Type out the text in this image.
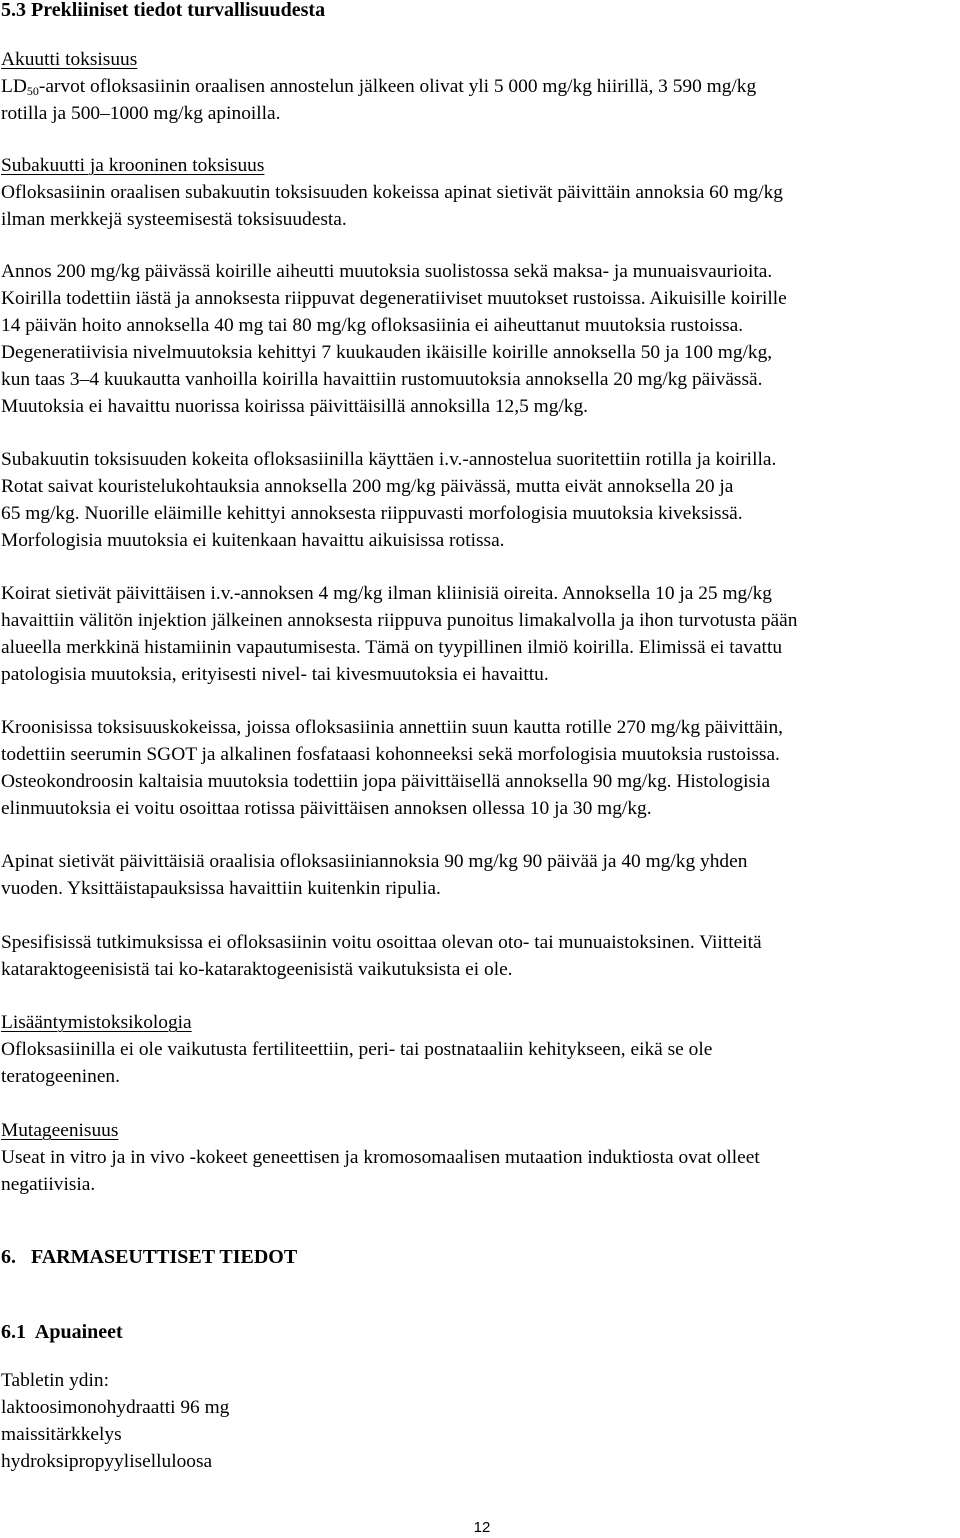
5.3 Prekliiniset tiedot turvallisuudesta
Akuutti toksisuus
$LD_{50}$-arvot ofloksasiinin oraalisen annostelun jälkeen olivat yli 5 000 mg/kg hiirillä, 3 590 mg/kg
rotilla ja 500–1000 mg/kg apinoilla.
Subakuutti ja krooninen toksisuus
Ofloksasiinin oraalisen subakuutin toksisuuden kokeissa apinat sietivät päivittäin annoksia 60 mg/kg
ilman merkkejä systeemisestä toksisuudesta.
Annos 200 mg/kg päivässä koirille aiheutti muutoksia suolistossa sekä maksa- ja munuaisvaurioita.
Koirilla todettiin iästä ja annoksesta riippuvat degeneratiiviset muutokset rustoissa. Aikuisille koirille
14 päivän hoito annoksella 40 mg tai 80 mg/kg ofloksasiinia ei aiheuttanut muutoksia rustoissa.
Degeneratiivisia nivelmuutoksia kehittyi 7 kuukauden ikäisille koirille annoksella 50 ja 100 mg/kg,
kun taas 3–4 kuukautta vanhoilla koirilla havaittiin rustomuutoksia annoksella 20 mg/kg päivässä.
Muutoksia ei havaittu nuorissa koirissa päivittäisillä annoksilla 12,5 mg/kg.
Subakuutin toksisuuden kokeita ofloksasiinilla käyttäen i.v.-annostelua suoritettiin rotilla ja koirilla.
Rotat saivat kouristelukohtauksia annoksella 200 mg/kg päivässä, mutta eivät annoksella 20 ja
65 mg/kg. Nuorille eläimille kehittyi annoksesta riippuvasti morfologisia muutoksia kiveksissä.
Morfologisia muutoksia ei kuitenkaan havaittu aikuisissa rotissa.
Koirat sietivät päivittäisen i.v.-annoksen 4 mg/kg ilman kliinisiä oireita. Annoksella 10 ja 25 mg/kg
havaittiin välitön injektion jälkeinen annoksesta riippuva punoitus limakalvolla ja ihon turvotusta pään
alueella merkkinä histamiinin vapautumisesta. Tämä on tyypillinen ilmiö koirilla. Elimissä ei tavattu
patologisia muutoksia, erityisesti nivel- tai kivesmuutoksia ei havaittu.
Kroonisissa toksisuuskokeissa, joissa ofloksasiinia annettiin suun kautta rotille 270 mg/kg päivittäin,
todettiin seerumin SGOT ja alkalinen fosfataasi kohonneeksi sekä morfologisia muutoksia rustoissa.
Osteokondroosin kaltaisia muutoksia todettiin jopa päivittäisellä annoksella 90 mg/kg. Histologisia
elinmuutoksia ei voitu osoittaa rotissa päivittäisen annoksen ollessa 10 ja 30 mg/kg.
Apinat sietivät päivittäisiä oraalisia ofloksasiiniannoksia 90 mg/kg 90 päivää ja 40 mg/kg yhden
vuoden. Yksittäistapauksissa havaittiin kuitenkin ripulia.
Spesifisissä tutkimuksissa ei ofloksasiinin voitu osoittaa olevan oto- tai munuaistoksinen. Viitteitä
kataraktogeenisistä tai ko-kataraktogeenisistä vaikutuksista ei ole.
Lisääntymistoksikologia
Ofloksasiinilla ei ole vaikutusta fertiliteettiin, peri- tai postnataaliin kehitykseen, eikä se ole
teratogeeninen.
Mutageenisuus
Useat in vitro ja in vivo -kokeet geneettisen ja kromosomaalisen mutaation induktiosta ovat olleet
negatiivisia.
6.   FARMASEUTTISET TIEDOT
6.1  Apuaineet
Tabletin ydin:
laktoosimonohydraatti 96 mg
maissitärkkelys
hydroksipropyyliselluloosa
12
